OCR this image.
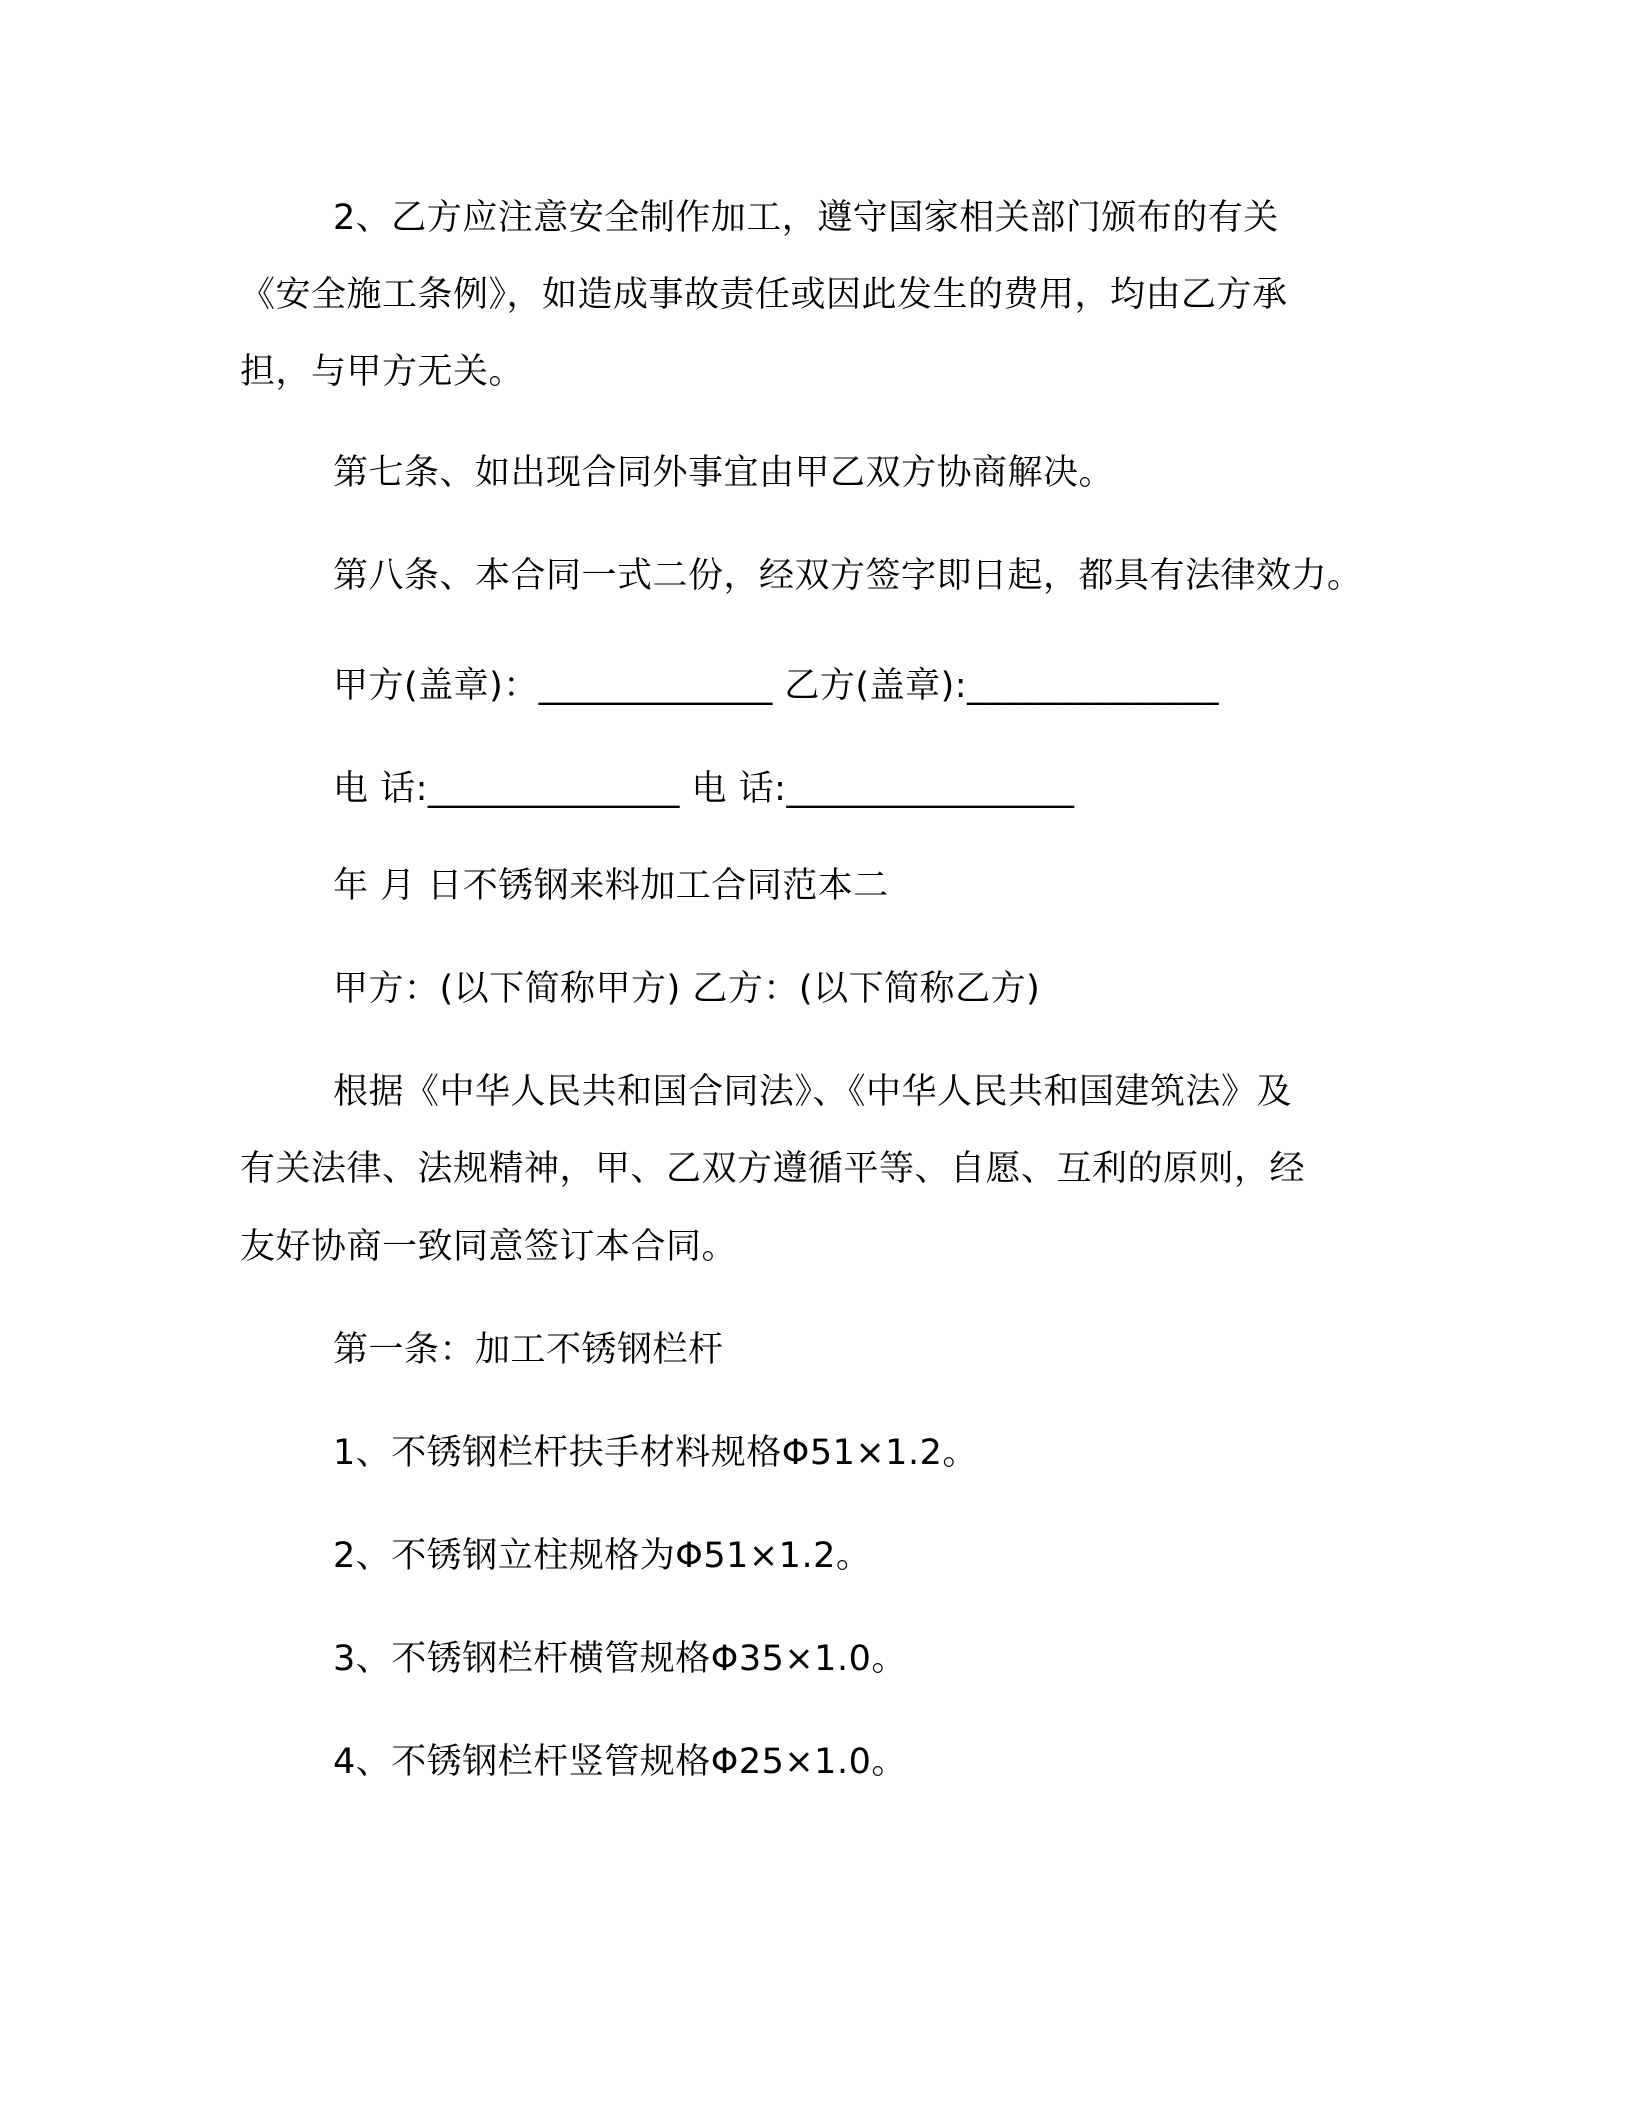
2、乙方应注意安全制作加工，遵守国家相关部门颁布的有关
《安全施工条例》，如造成事故责任或因此发生的费用，均由乙方承
担，与甲方无关。
第七条、如出现合同外事宜由甲乙双方协商解决。
第八条、本合同一式二份，经双方签字即日起，都具有法律效力。
甲方(盖章)：_____________ 乙方(盖章):______________
电 话:______________ 电 话:________________
年 月 日不锈钢来料加工合同范本二
甲方：(以下简称甲方) 乙方：(以下简称乙方)
根据《中华人民共和国合同法》、《中华人民共和国建筑法》及
有关法律、法规精神，甲、乙双方遵循平等、自愿、互利的原则，经
友好协商一致同意签订本合同。
第一条：加工不锈钢栏杆
1、不锈钢栏杆扶手材料规格Φ51×1.2。
2、不锈钢立柱规格为Φ51×1.2。
3、不锈钢栏杆横管规格Φ35×1.0。
4、不锈钢栏杆竖管规格Φ25×1.0。
